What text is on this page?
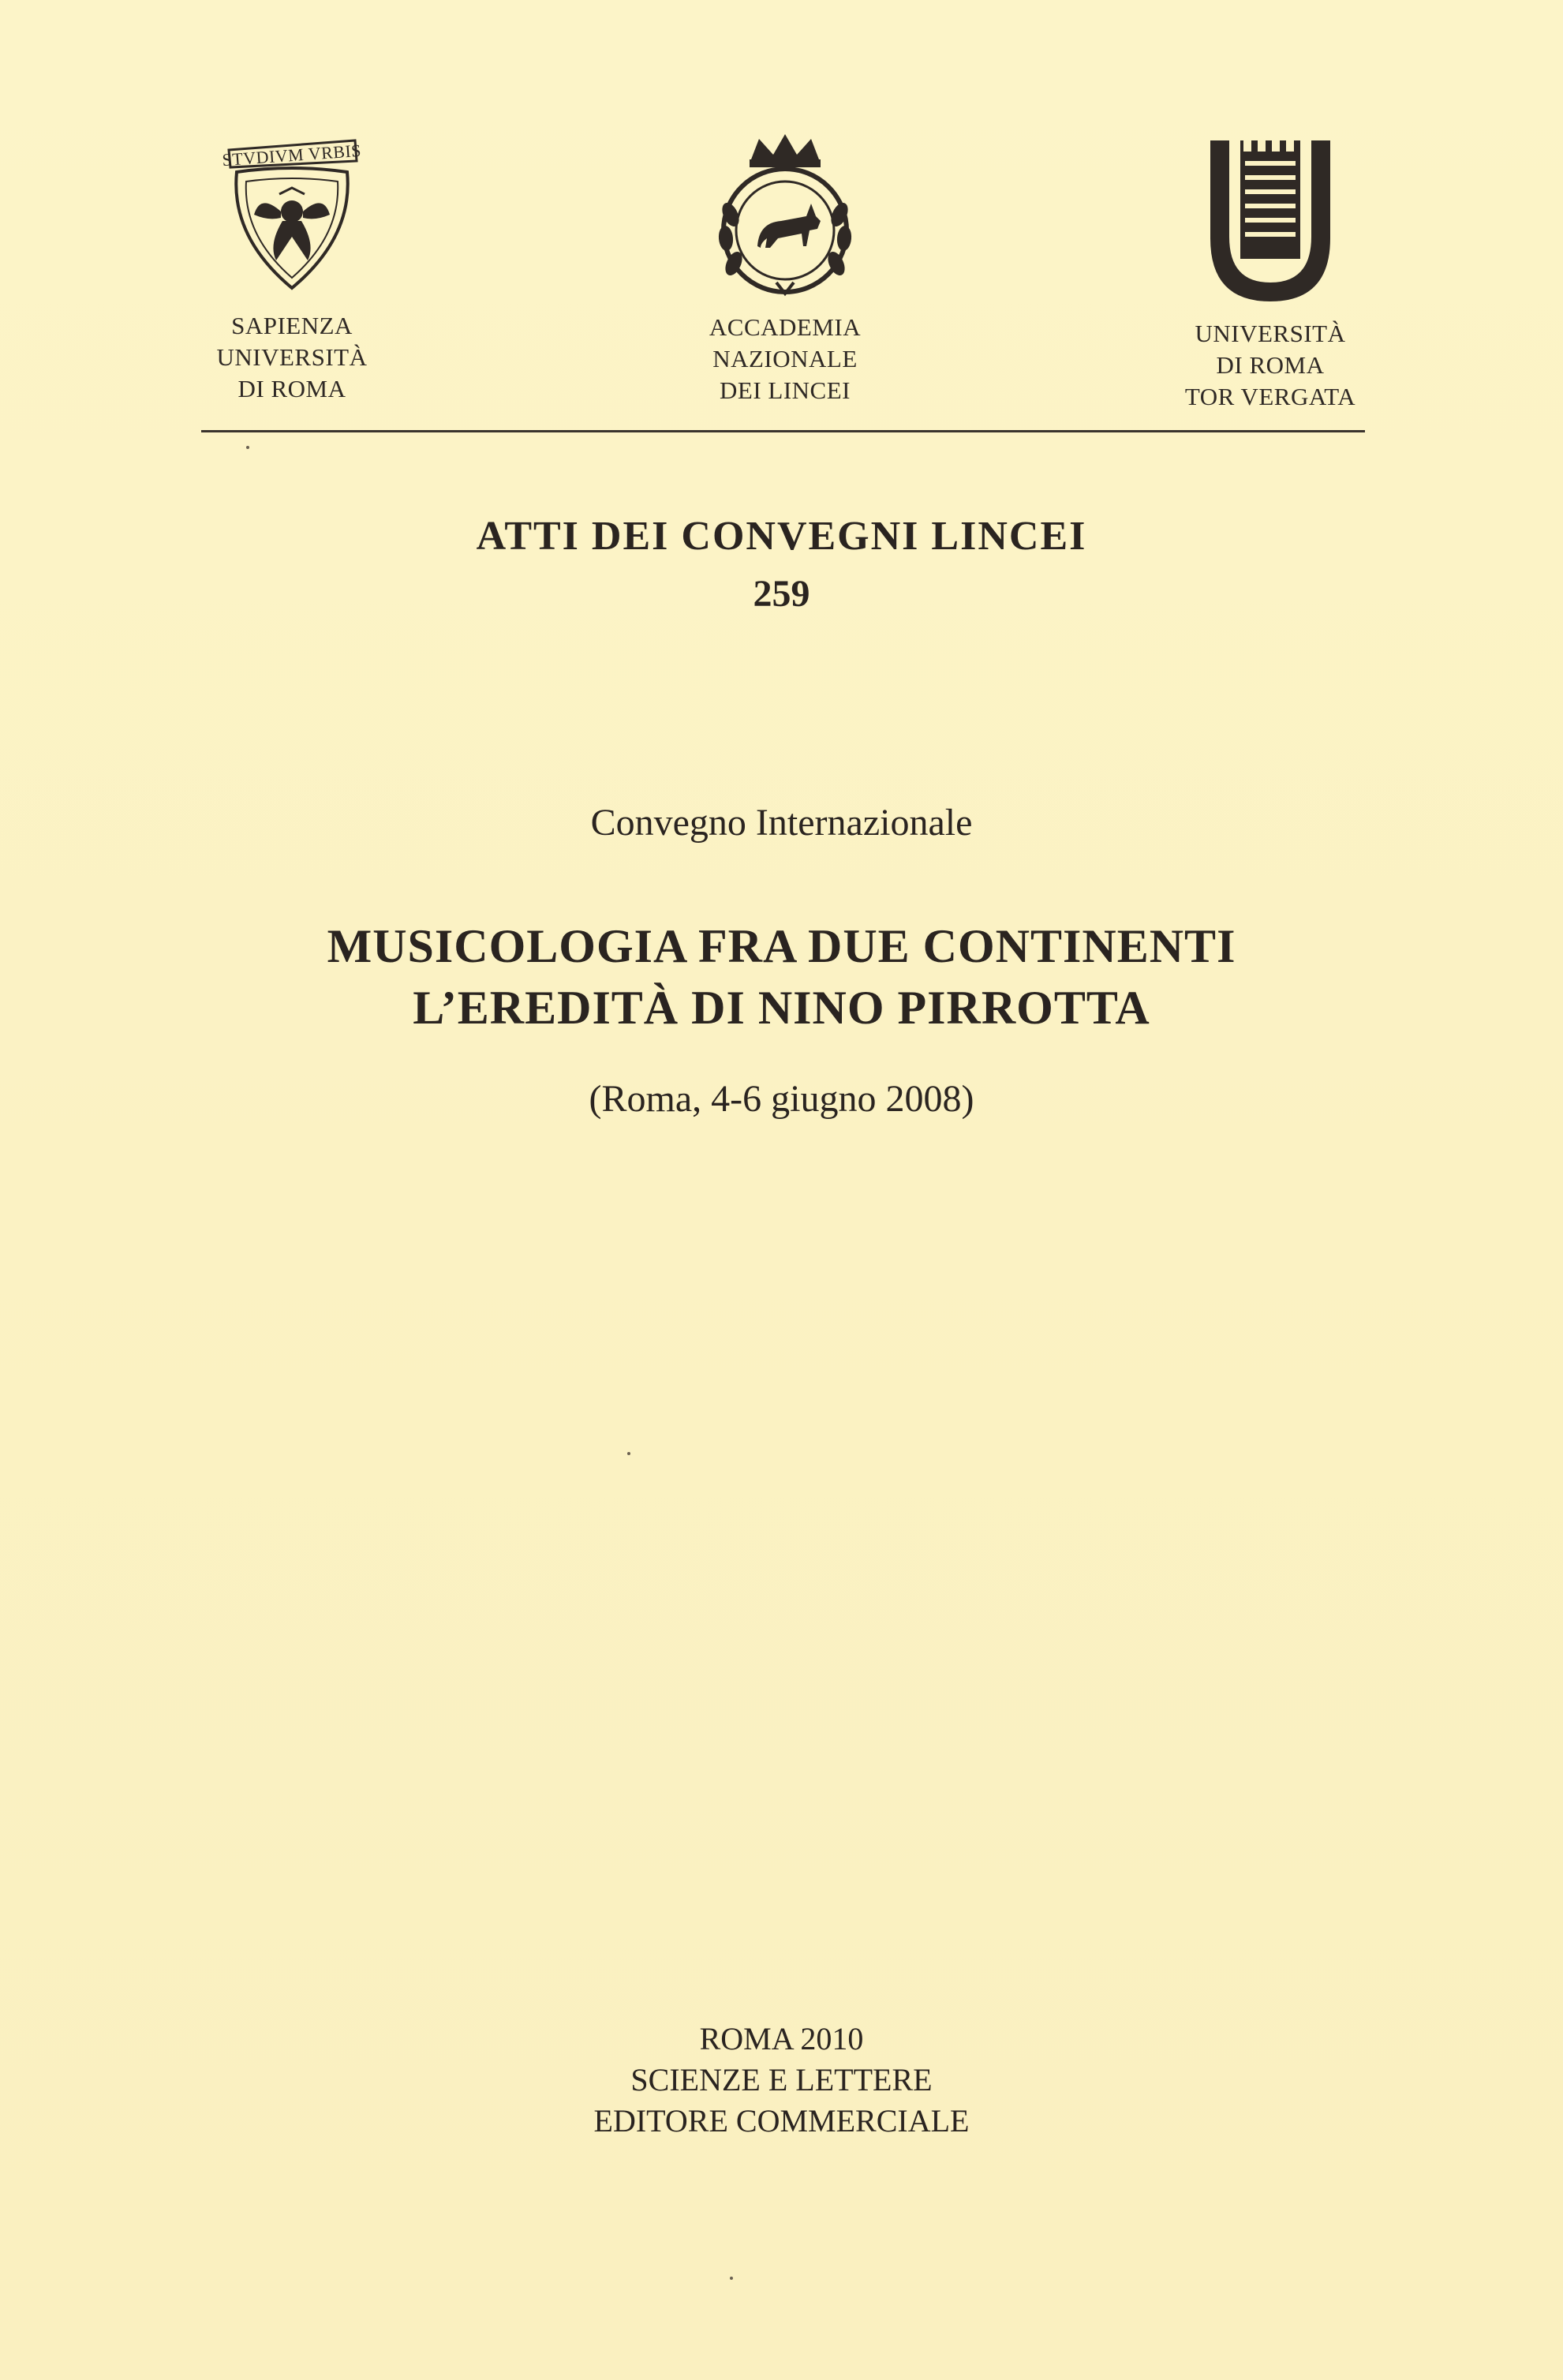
STVDIVM VRBIS
SAPIENZA
UNIVERSITÀ
DI ROMA
ACCADEMIA
NAZIONALE
DEI LINCEI
UNIVERSITÀ
DI ROMA
TOR VERGATA
ATTI DEI CONVEGNI LINCEI
259
Convegno Internazionale
MUSICOLOGIA FRA DUE CONTINENTI
L’EREDITÀ DI NINO PIRROTTA
(Roma, 4-6 giugno 2008)
ROMA 2010
SCIENZE E LETTERE
EDITORE COMMERCIALE
